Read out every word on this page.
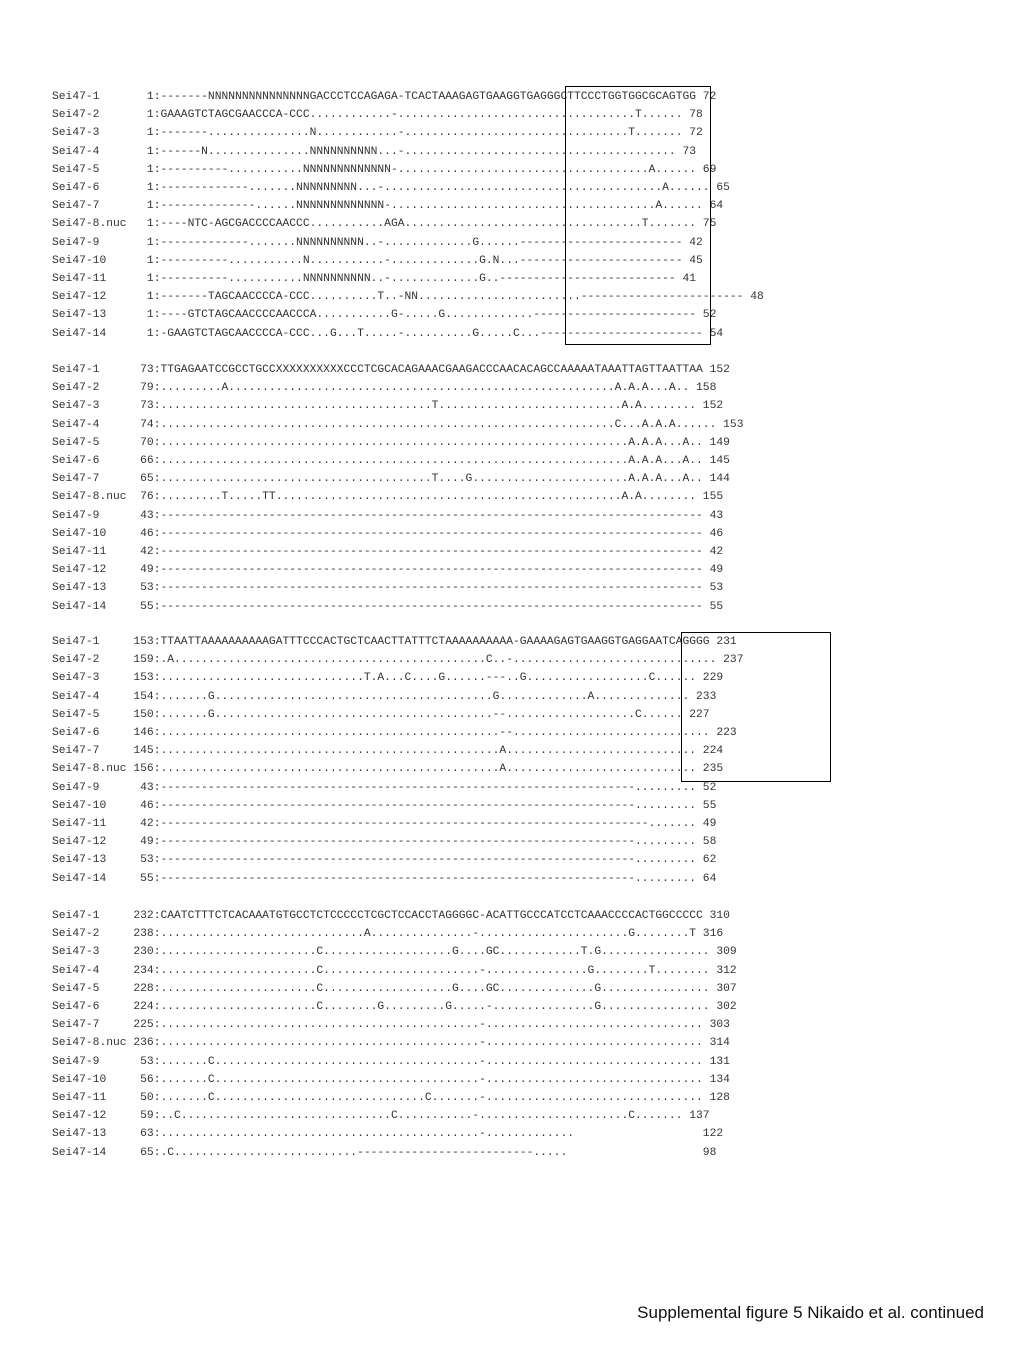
Sei47-1       1:-------NNNNNNNNNNNNNNNGACCCTCCAGAGA-TCACTAAAGAGTGAAGGTGAGGGCTTCCCTGGTGGCGCAGTGG 72
Sei47-2       1:GAAAGTCTAGCGAACCCA-CCC............-...................................T...... 78
Sei47-3       1:-------...............N............-.................................T....... 72
Sei47-4       1:------N...............NNNNNNNNNN...-........................................ 73
Sei47-5       1:----------...........NNNNNNNNNNNNN-.....................................A...... 69
Sei47-6       1:-------------.......NNNNNNNNN...-.........................................A...... 65
Sei47-7       1:--------------......NNNNNNNNNNNNN-.......................................A...... 64
Sei47-8.nuc   1:----NTC-AGCGACCCCAACCC...........AGA...................................T....... 75
Sei47-9       1:-------------.......NNNNNNNNNN..-.............G......------------------------ 42
Sei47-10      1:----------...........N...........-.............G.N...------------------------ 45
Sei47-11      1:----------...........NNNNNNNNNN..-.............G..-------------------------- 41
Sei47-12      1:-------TAGCAACCCCA-CCC..........T..-NN........................------------------------ 48
Sei47-13      1:----GTCTAGCAACCCCAACCCA...........G-.....G.............------------------------ 52
Sei47-14      1:-GAAGTCTAGCAACCCCA-CCC...G...T.....-..........G.....C...------------------------ 54
Sei47-1      73:TTGAGAATCCGCCTGCCXXXXXXXXXXCCCTCGCACAGAAACGAAGACCCAACACAGCCAAAAATAAATTAGTTAATTAA 152
Sei47-2      79:.........A.........................................................A.A.A...A.. 158
Sei47-3      73:........................................T...........................A.A........ 152
Sei47-4      74:...................................................................C...A.A.A...... 153
Sei47-5      70:.....................................................................A.A.A...A.. 149
Sei47-6      66:.....................................................................A.A.A...A.. 145
Sei47-7      65:........................................T....G.......................A.A.A...A.. 144
Sei47-8.nuc  76:.........T.....TT...................................................A.A........ 155
Sei47-9      43:-------------------------------------------------------------------------------- 43
Sei47-10     46:-------------------------------------------------------------------------------- 46
Sei47-11     42:-------------------------------------------------------------------------------- 42
Sei47-12     49:-------------------------------------------------------------------------------- 49
Sei47-13     53:-------------------------------------------------------------------------------- 53
Sei47-14     55:-------------------------------------------------------------------------------- 55
Sei47-1     153:TTAATTAAAAAAAAAAGATTTCCCACTGCTCAACTTATTTCTAAAAAAAAAA-GAAAAGAGTGAAGGTGAGGAATCAGGGG 231
Sei47-2     159:.A..............................................C..-.............................. 237
Sei47-3     153:..............................T.A...C....G......---..G..................C...... 229
Sei47-4     154:.......G.........................................G.............A.............. 233
Sei47-5     150:.......G.........................................--...................C...... 227
Sei47-6     146:..................................................--............................. 223
Sei47-7     145:..................................................A............................ 224
Sei47-8.nuc 156:..................................................A............................ 235
Sei47-9      43:----------------------------------------------------------------------......... 52
Sei47-10     46:----------------------------------------------------------------------......... 55
Sei47-11     42:------------------------------------------------------------------------....... 49
Sei47-12     49:----------------------------------------------------------------------......... 58
Sei47-13     53:----------------------------------------------------------------------......... 62
Sei47-14     55:----------------------------------------------------------------------......... 64
Sei47-1     232:CAATCTTTCTCACAAATGTGCCTCTCCCCCTCGCTCCACCTAGGGGC-ACATTGCCCATCCTCAAACCCCACTGGCCCCC 310
Sei47-2     238:..............................A...............-......................G........T 316
Sei47-3     230:.......................C...................G....GC............T.G................ 309
Sei47-4     234:.......................C.......................-...............G........T........ 312
Sei47-5     228:.......................C...................G....GC..............G................ 307
Sei47-6     224:.......................C........G.........G.....-...............G................ 302
Sei47-7     225:...............................................-................................ 303
Sei47-8.nuc 236:...............................................-................................ 314
Sei47-9      53:.......C.......................................-................................ 131
Sei47-10     56:.......C.......................................-................................ 134
Sei47-11     50:.......C...............................C.......-................................ 128
Sei47-12     59:..C...............................C...........-......................C....... 137
Sei47-13     63:...............................................-.............                   122
Sei47-14     65:.C...........................--------------------------.....                    98
Supplemental figure 5 Nikaido et al. continued
